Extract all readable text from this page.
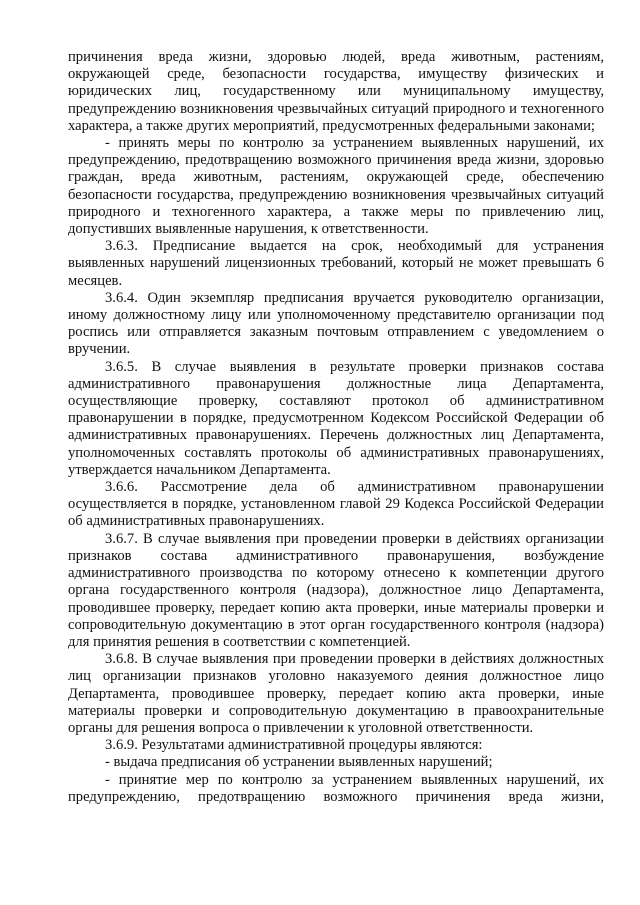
причинения вреда жизни, здоровью людей, вреда животным, растениям, окружающей среде, безопасности государства, имуществу физических и юридических лиц, государственному или муниципальному имуществу, предупреждению возникновения чрезвычайных ситуаций природного и техногенного характера, а также других мероприятий, предусмотренных федеральными законами;

- принять меры по контролю за устранением выявленных нарушений, их предупреждению, предотвращению возможного причинения вреда жизни, здоровью граждан, вреда животным, растениям, окружающей среде, обеспечению безопасности государства, предупреждению возникновения чрезвычайных ситуаций природного и техногенного характера, а также меры по привлечению лиц, допустивших выявленные нарушения, к ответственности.

3.6.3. Предписание выдается на срок, необходимый для устранения выявленных нарушений лицензионных требований, который не может превышать 6 месяцев.

3.6.4. Один экземпляр предписания вручается руководителю организации, иному должностному лицу или уполномоченному представителю организации под роспись или отправляется заказным почтовым отправлением с уведомлением о вручении.

3.6.5. В случае выявления в результате проверки признаков состава административного правонарушения должностные лица Департамента, осуществляющие проверку, составляют протокол об административном правонарушении в порядке, предусмотренном Кодексом Российской Федерации об административных правонарушениях. Перечень должностных лиц Департамента, уполномоченных составлять протоколы об административных правонарушениях, утверждается начальником Департамента.

3.6.6. Рассмотрение дела об административном правонарушении осуществляется в порядке, установленном главой 29 Кодекса Российской Федерации об административных правонарушениях.

3.6.7. В случае выявления при проведении проверки в действиях организации признаков состава административного правонарушения, возбуждение административного производства по которому отнесено к компетенции другого органа государственного контроля (надзора), должностное лицо Департамента, проводившее проверку, передает копию акта проверки, иные материалы проверки и сопроводительную документацию в этот орган государственного контроля (надзора) для принятия решения в соответствии с компетенцией.

3.6.8. В случае выявления при проведении проверки в действиях должностных лиц организации признаков уголовно наказуемого деяния должностное лицо Департамента, проводившее проверку, передает копию акта проверки, иные материалы проверки и сопроводительную документацию в правоохранительные органы для решения вопроса о привлечении к уголовной ответственности.

3.6.9. Результатами административной процедуры являются:

- выдача предписания об устранении выявленных нарушений;

- принятие мер по контролю за устранением выявленных нарушений, их предупреждению, предотвращению возможного причинения вреда жизни,
